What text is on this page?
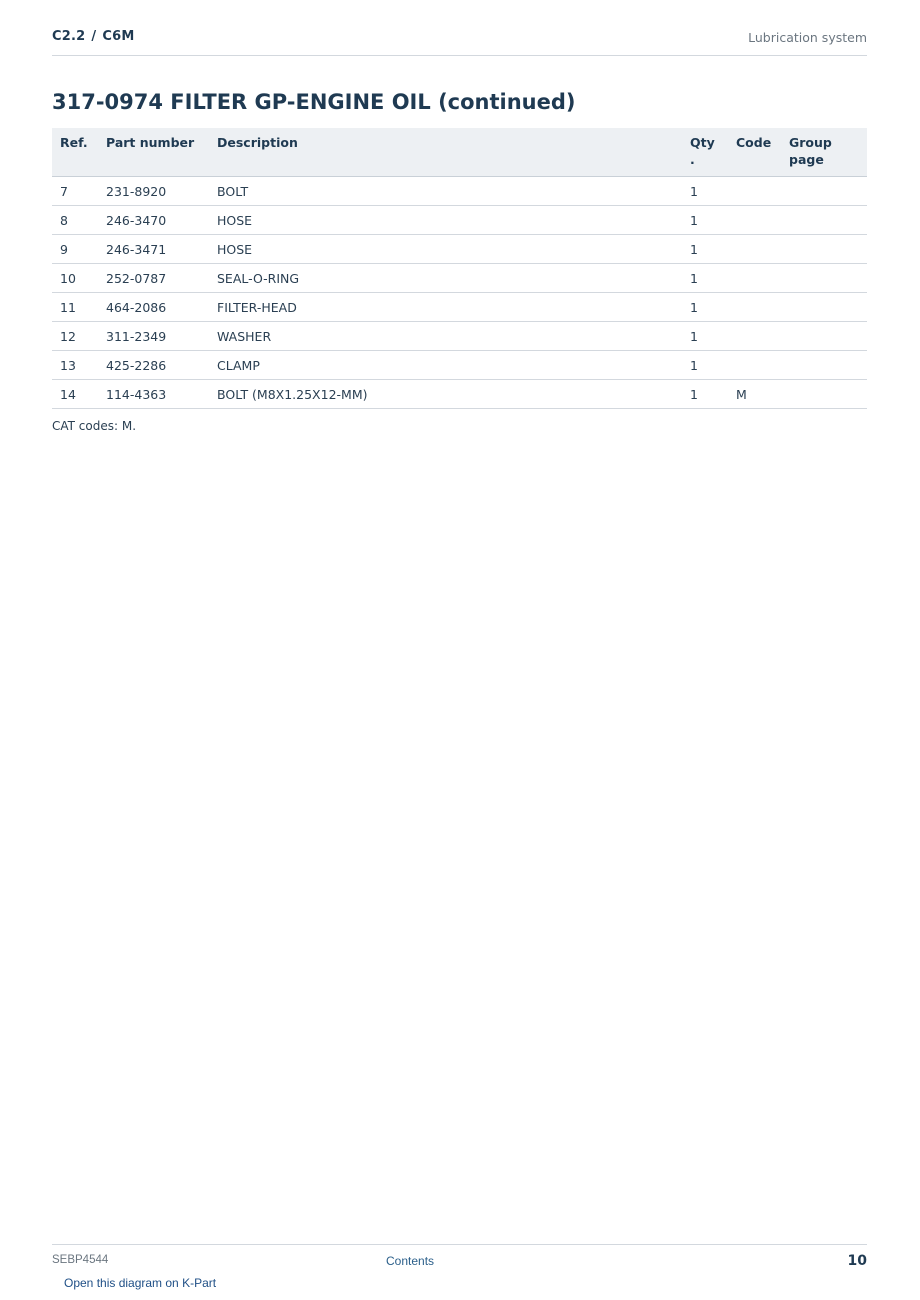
C2.2 / C6M	Lubrication system
317-0974 FILTER GP-ENGINE OIL (continued)
Ref.	Part number	Description	Qty.	Code	Group page
7	231-8920	BOLT	1		
8	246-3470	HOSE	1		
9	246-3471	HOSE	1		
10	252-0787	SEAL-O-RING	1		
11	464-2086	FILTER-HEAD	1		
12	311-2349	WASHER	1		
13	425-2286	CLAMP	1		
14	114-4363	BOLT (M8X1.25X12-MM)	1	M	
CAT codes: M.
SEBP4544	Contents	10
Open this diagram on K-Part
